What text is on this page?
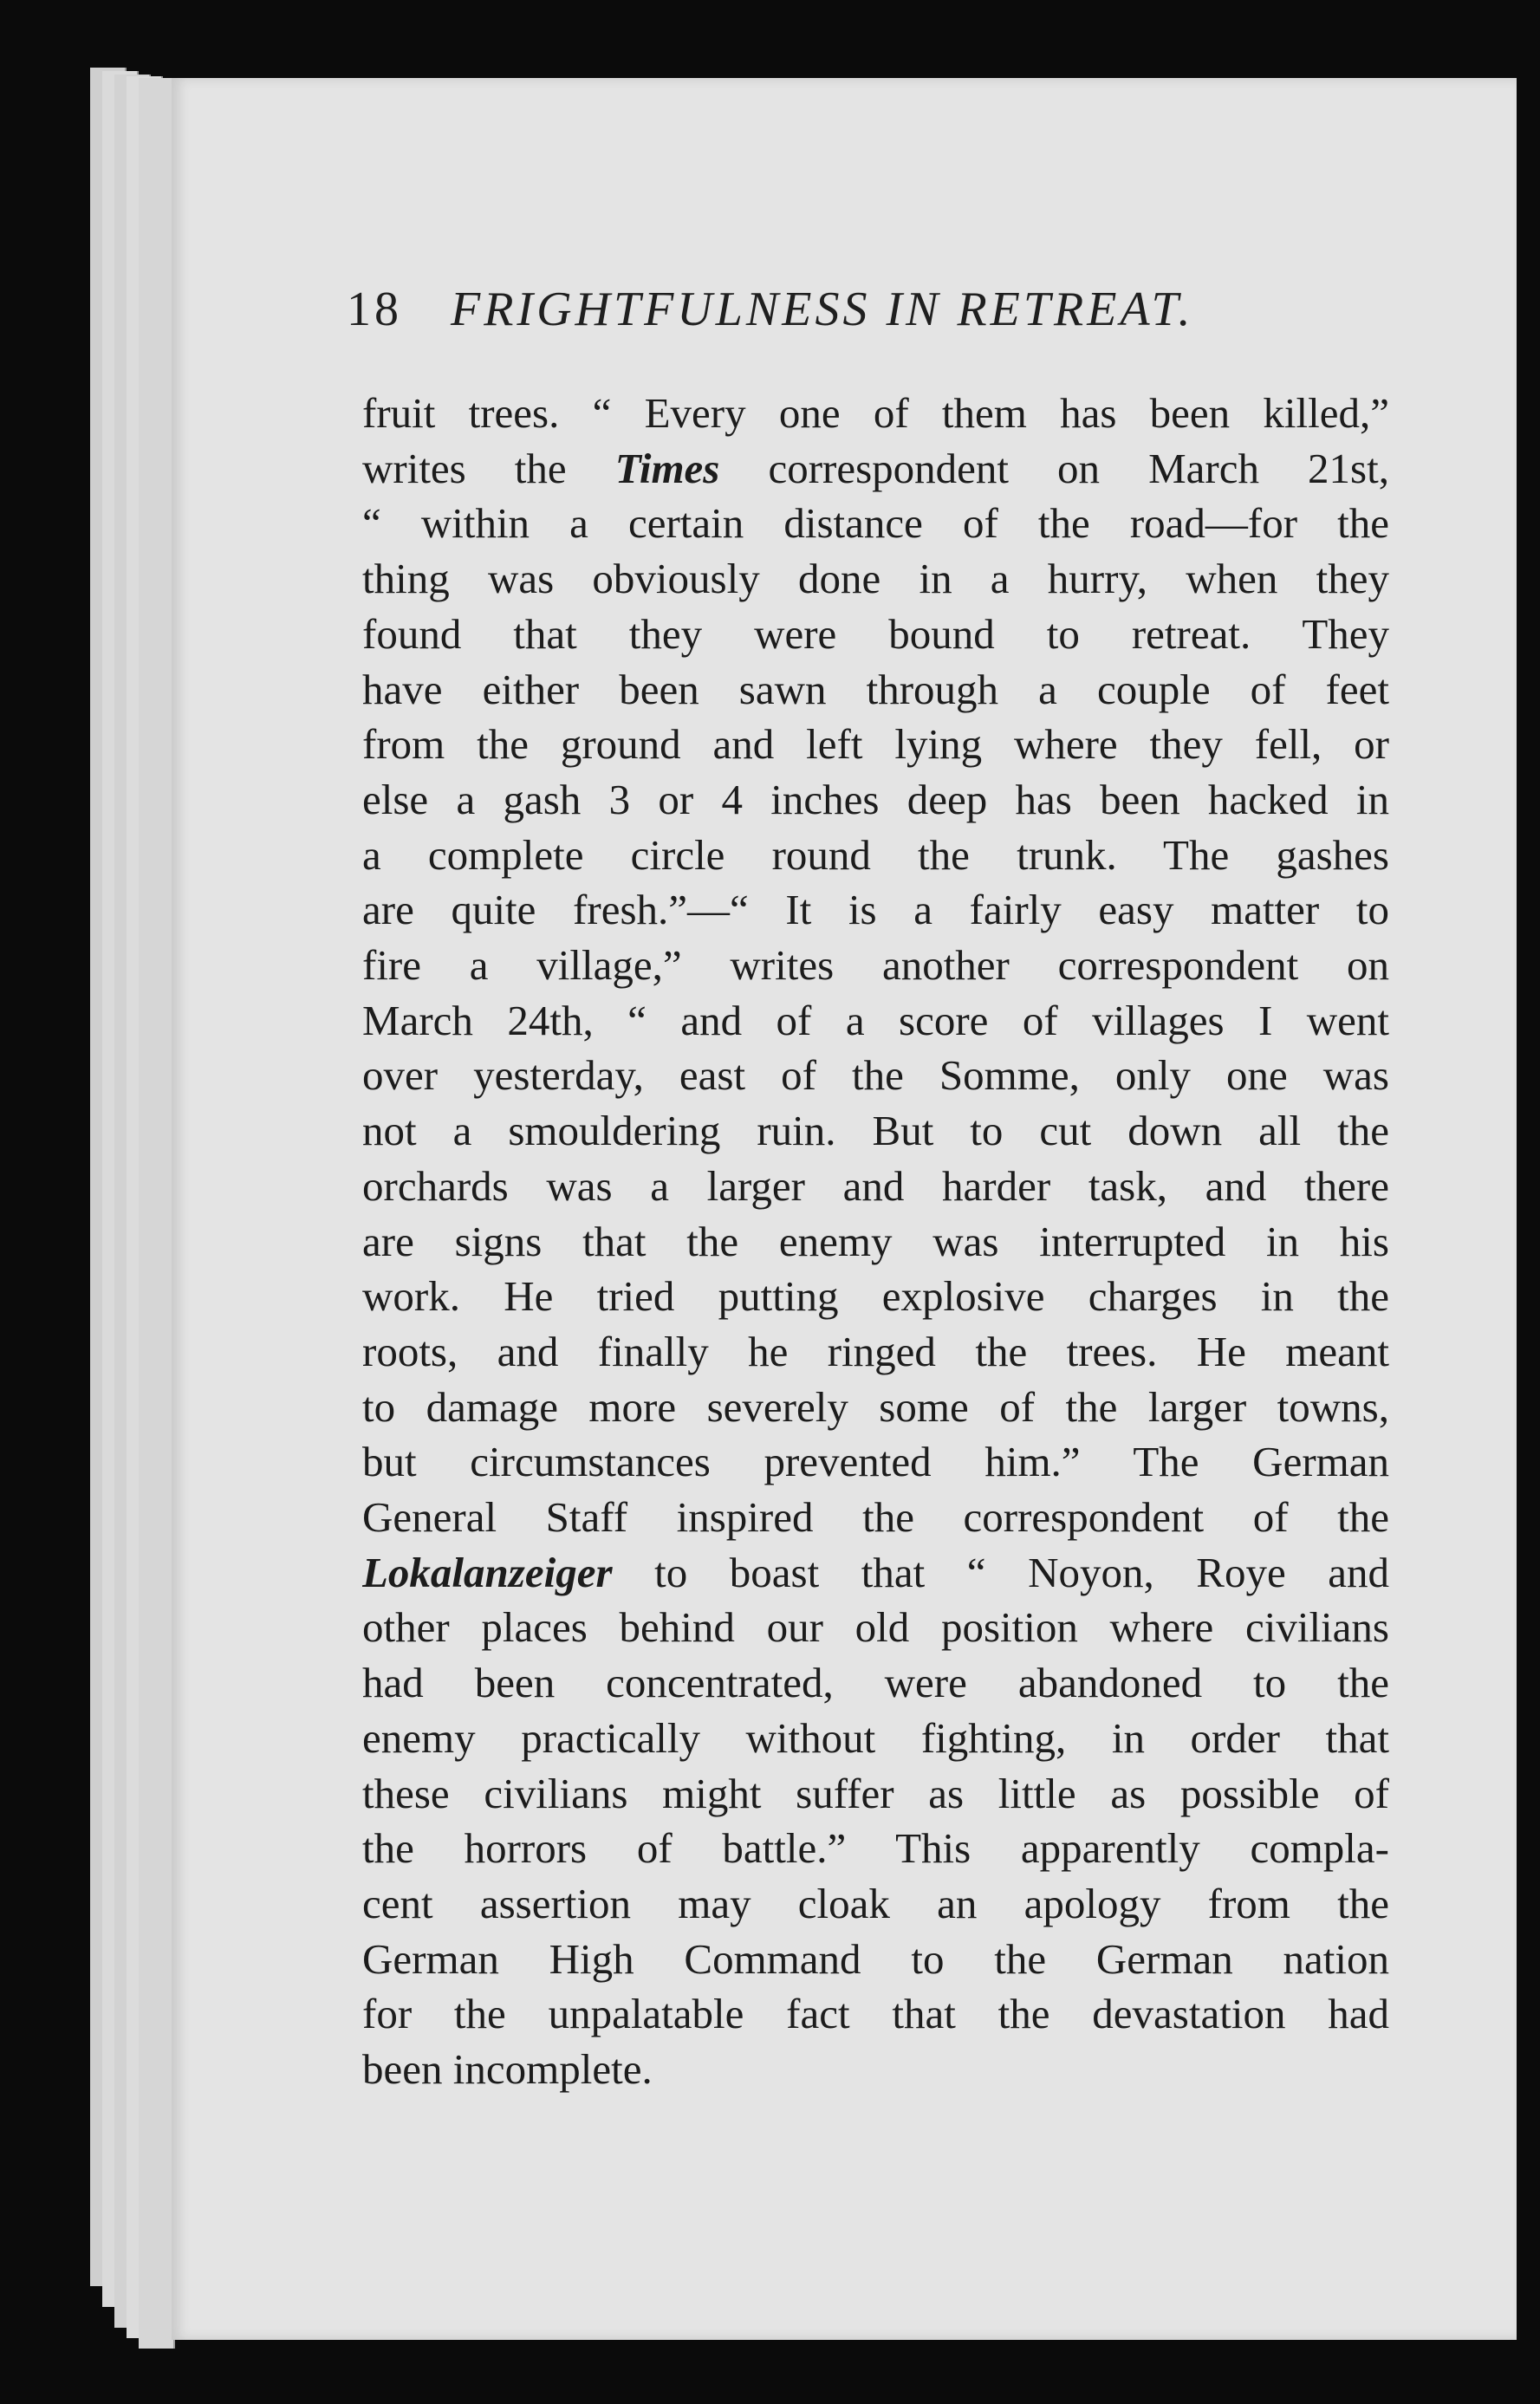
18 FRIGHTFULNESS IN RETREAT.
fruit trees. “ Every one of them has been killed,”
writes the Times correspondent on March 21st,
“ within a certain distance of the road—for the
thing was obviously done in a hurry, when they
found that they were bound to retreat. They
have either been sawn through a couple of feet
from the ground and left lying where they fell, or
else a gash 3 or 4 inches deep has been hacked in
a complete circle round the trunk. The gashes
are quite fresh.”—“ It is a fairly easy matter to
fire a village,” writes another correspondent on
March 24th, “ and of a score of villages I went
over yesterday, east of the Somme, only one was
not a smouldering ruin. But to cut down all the
orchards was a larger and harder task, and there
are signs that the enemy was interrupted in his
work. He tried putting explosive charges in the
roots, and finally he ringed the trees. He meant
to damage more severely some of the larger towns,
but circumstances prevented him.” The German
General Staff inspired the correspondent of the
Lokalanzeiger to boast that “ Noyon, Roye and
other places behind our old position where civilians
had been concentrated, were abandoned to the
enemy practically without fighting, in order that
these civilians might suffer as little as possible of
the horrors of battle.” This apparently compla-
cent assertion may cloak an apology from the
German High Command to the German nation
for the unpalatable fact that the devastation had
been incomplete.
